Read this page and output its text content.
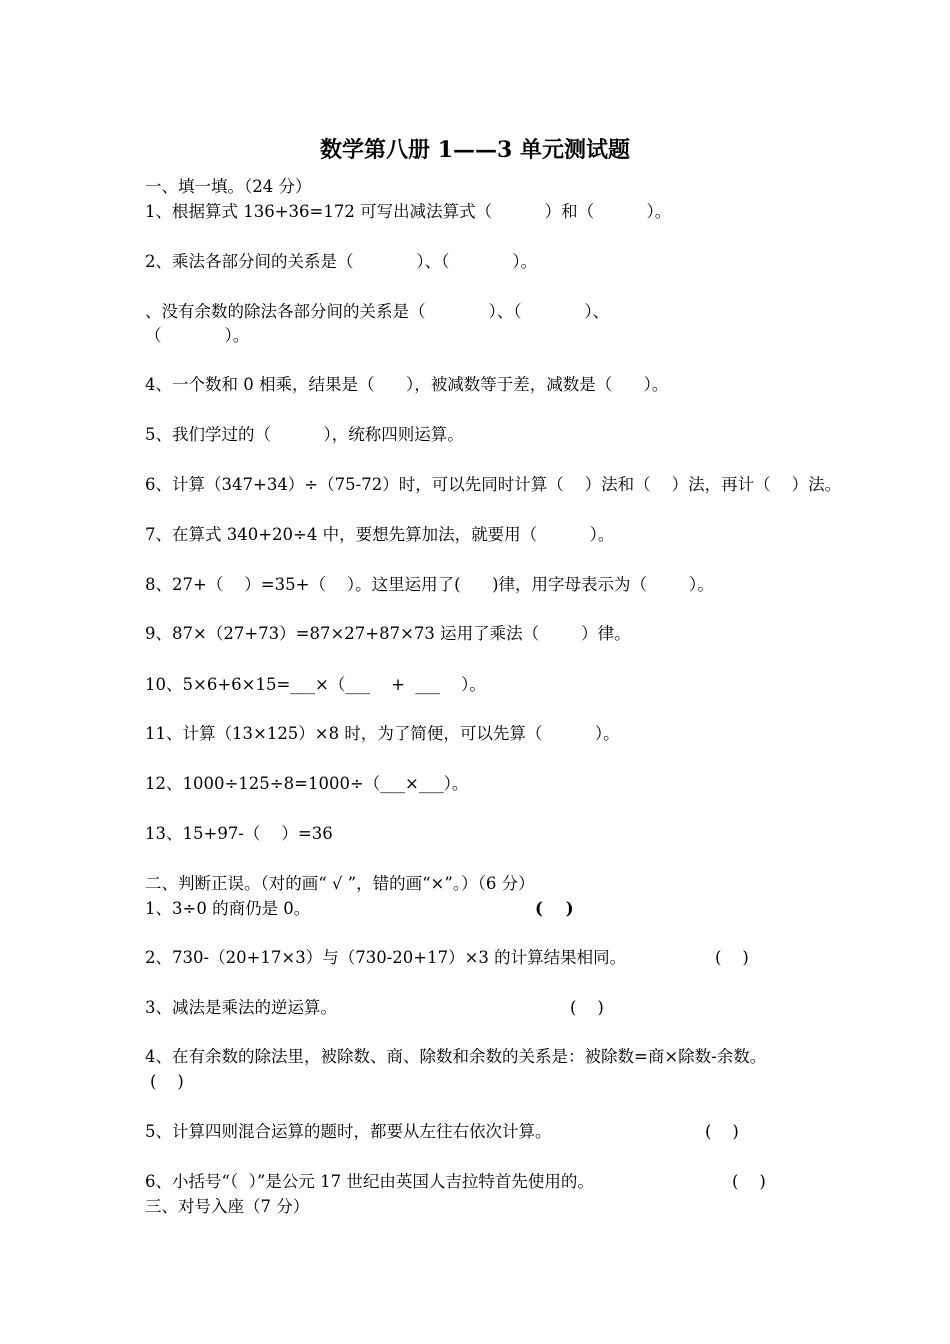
数学第八册 1——3 单元测试题
一、填一填。（24 分）
1、根据算式 136+36=172 可写出减法算式（          ）和（          ）。
2、乘法各部分间的关系是（            ）、（            ）。
、没有余数的除法各部分间的关系是（            ）、（            ）、
（            ）。
4、一个数和 0 相乘，结果是（      ），被减数等于差，减数是（      ）。
5、我们学过的（          ），统称四则运算。
6、计算（347+34）÷（75-72）时，可以先同时计算（    ）法和（    ）法，再计（    ）法。
7、在算式 340+20÷4 中，要想先算加法，就要用（          ）。
8、27+（    ）=35+（    ）。这里运用了(      )律，用字母表示为（        ）。
9、87×（27+73）=87×27+87×73 运用了乘法（        ）律。
10、5×6+6×15=___×（___    +  ___    ）。
11、计算（13×125）×8 时，为了简便，可以先算（          ）。
12、1000÷125÷8=1000÷（___×___）。
13、15+97-（    ）=36
二、判断正误。（对的画“ √ ”，错的画“×”。）（6 分）
1、3÷0 的商仍是 0。	(    )
2、730-（20+17×3）与（730-20+17）×3 的计算结果相同。	(    )
3、减法是乘法的逆运算。	(    )
4、在有余数的除法里，被除数、商、除数和余数的关系是：被除数=商×除数-余数。
(    )
5、计算四则混合运算的题时，都要从左往右依次计算。	(    )
6、小括号“（  ）”是公元 17 世纪由英国人吉拉特首先使用的。	(    )
三、对号入座（7 分）
